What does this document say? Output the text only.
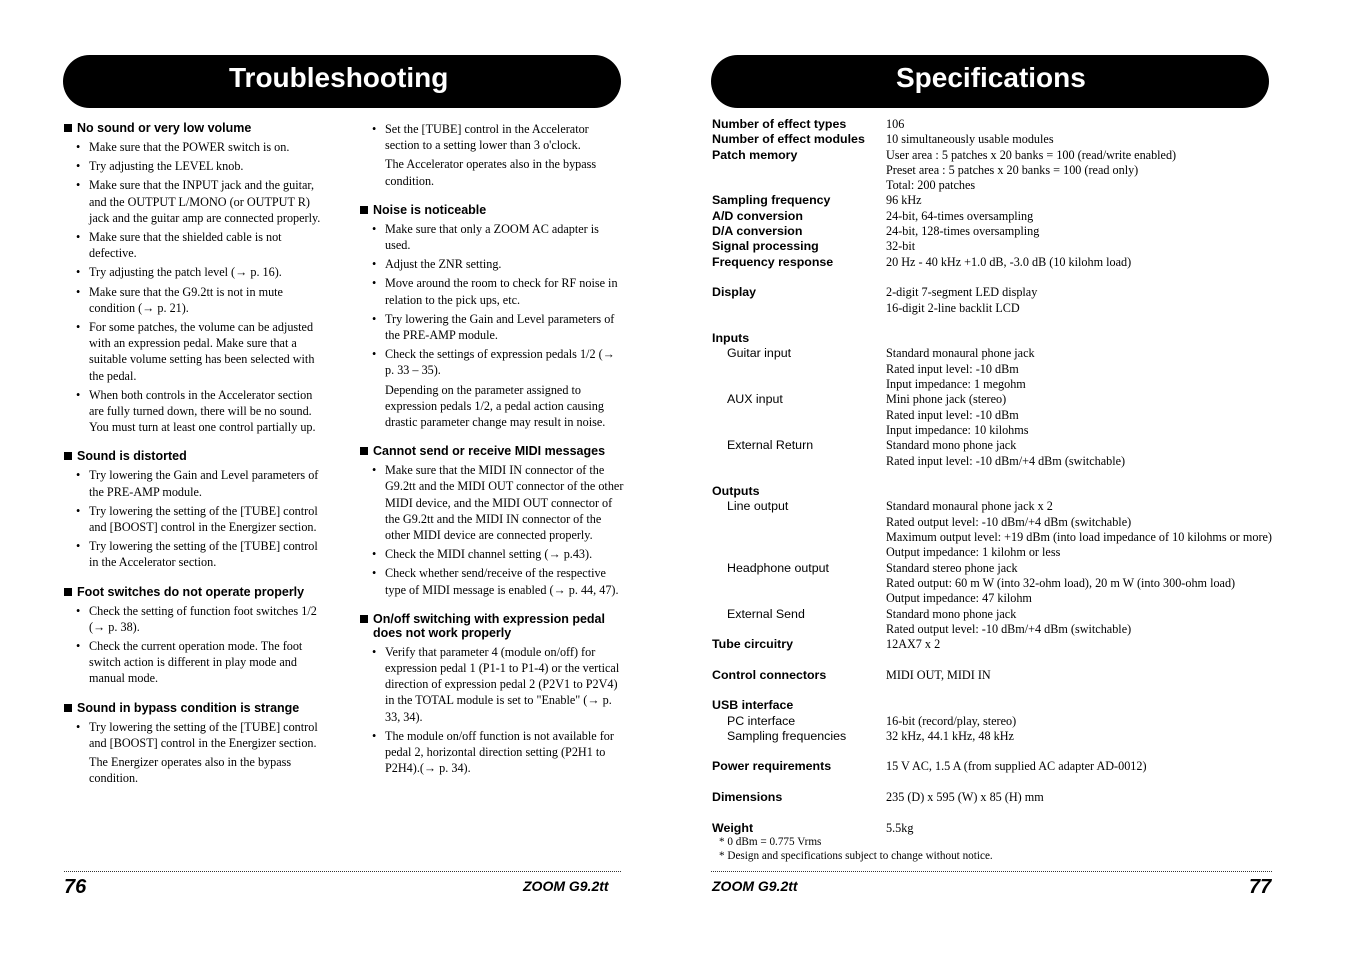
Troubleshooting	Specifications
No sound or very low volume
• Make sure that the POWER switch is on.
• Try adjusting the LEVEL knob.
• Make sure that the INPUT jack and the guitar, and the OUTPUT L/MONO (or OUTPUT R) jack and the guitar amp are connected properly.
• Make sure that the shielded cable is not defective.
• Try adjusting the patch level (→ p. 16).
• Make sure that the G9.2tt is not in mute condition (→ p. 21).
• For some patches, the volume can be adjusted with an expression pedal. Make sure that a suitable volume setting has been selected with the pedal.
• When both controls in the Accelerator section are fully turned down, there will be no sound. You must turn at least one control partially up.
Sound is distorted
• Try lowering the Gain and Level parameters of the PRE-AMP module.
• Try lowering the setting of the [TUBE] control and [BOOST] control in the Energizer section.
• Try lowering the setting of the [TUBE] control in the Accelerator section.
Foot switches do not operate properly
• Check the setting of function foot switches 1/2 (→ p. 38).
• Check the current operation mode. The foot switch action is different in play mode and manual mode.
Sound in bypass condition is strange
• Try lowering the setting of the [TUBE] control and [BOOST] control in the Energizer section.
The Energizer operates also in the bypass condition.
• Set the [TUBE] control in the Accelerator section to a setting lower than 3 o'clock.
The Accelerator operates also in the bypass condition.
Noise is noticeable
• Make sure that only a ZOOM AC adapter is used.
• Adjust the ZNR setting.
• Move around the room to check for RF noise in relation to the pick ups, etc.
• Try lowering the Gain and Level parameters of the PRE-AMP module.
• Check the settings of expression pedals 1/2 (→ p. 33 – 35).
Depending on the parameter assigned to expression pedals 1/2, a pedal action causing drastic parameter change may result in noise.
Cannot send or receive MIDI messages
• Make sure that the MIDI IN connector of the G9.2tt and the MIDI OUT connector of the other MIDI device, and the MIDI OUT connector of the G9.2tt and the MIDI IN connector of the other MIDI device are connected properly.
• Check the MIDI channel setting (→ p.43).
• Check whether send/receive of the respective type of MIDI message is enabled (→ p. 44, 47).
On/off switching with expression pedal does not work properly
• Verify that parameter 4 (module on/off) for expression pedal 1 (P1-1 to P1-4) or the vertical direction of expression pedal 2 (P2V1 to P2V4) in the TOTAL module is set to "Enable" (→ p. 33, 34).
• The module on/off function is not available for pedal 2, horizontal direction setting (P2H1 to P2H4).(→ p. 34).
Number of effect types	106
Number of effect modules	10 simultaneously usable modules
Patch memory	User area : 5 patches x 20 banks = 100 (read/write enabled)
Preset area : 5 patches x 20 banks = 100 (read only)
Total: 200 patches
Sampling frequency	96 kHz
A/D conversion	24-bit, 64-times oversampling
D/A conversion	24-bit, 128-times oversampling
Signal processing	32-bit
Frequency response	20 Hz - 40 kHz +1.0 dB, -3.0 dB (10 kilohm load)
Display	2-digit 7-segment LED display
16-digit 2-line backlit LCD
Inputs
Guitar input	Standard monaural phone jack
Rated input level: -10 dBm
Input impedance: 1 megohm
AUX input	Mini phone jack (stereo)
Rated input level: -10 dBm
Input impedance: 10 kilohms
External Return	Standard mono phone jack
Rated input level: -10 dBm/+4 dBm (switchable)
Outputs
Line output	Standard monaural phone jack x 2
Rated output level: -10 dBm/+4 dBm (switchable)
Maximum output level: +19 dBm (into load impedance of 10 kilohms or more)
Output impedance: 1 kilohm or less
Headphone output	Standard stereo phone jack
Rated output: 60 m W (into 32-ohm load), 20 m W (into 300-ohm load)
Output impedance: 47 kilohm
External Send	Standard mono phone jack
Rated output level: -10 dBm/+4 dBm (switchable)
Tube circuitry	12AX7 x 2
Control connectors	MIDI OUT, MIDI IN
USB interface
PC interface	16-bit (record/play, stereo)
Sampling frequencies	32 kHz, 44.1 kHz, 48 kHz
Power requirements	15 V AC, 1.5 A (from supplied AC adapter AD-0012)
Dimensions	235 (D) x 595 (W) x 85 (H) mm
Weight	5.5kg
* 0 dBm = 0.775 Vrms
* Design and specifications subject to change without notice.
76	ZOOM G9.2tt	ZOOM G9.2tt	77
